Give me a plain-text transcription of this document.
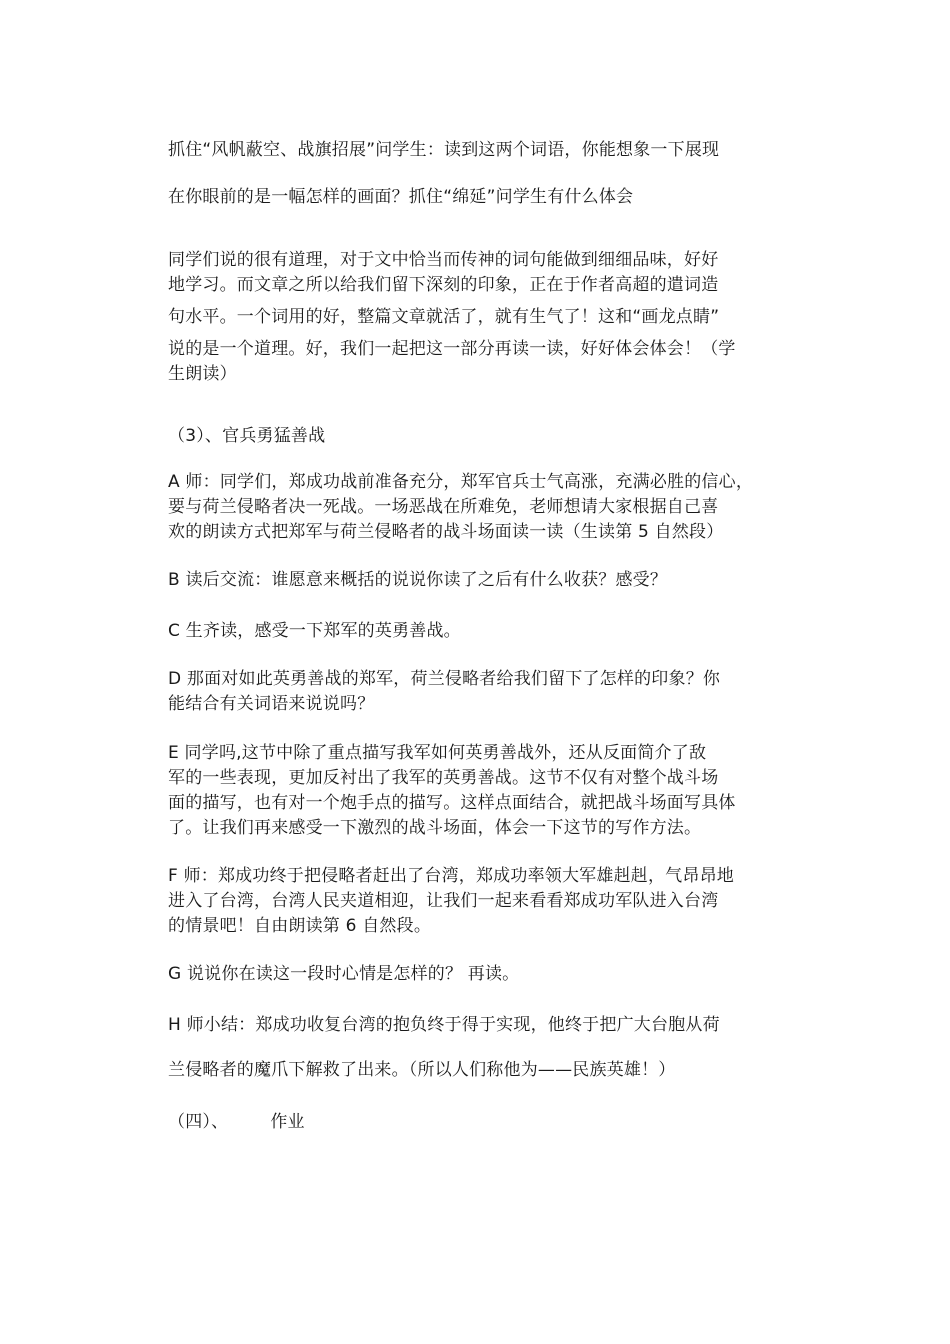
抓住“风帆蔽空、战旗招展”问学生：读到这两个词语，你能想象一下展现
在你眼前的是一幅怎样的画面？抓住“绵延”问学生有什么体会

同学们说的很有道理，对于文中恰当而传神的词句能做到细细品味，好好
地学习。而文章之所以给我们留下深刻的印象，正在于作者高超的遣词造
句水平。一个词用的好，整篇文章就活了，就有生气了！这和“画龙点睛”
说的是一个道理。好，我们一起把这一部分再读一读，好好体会体会！（学
生朗读）

（3）、官兵勇猛善战

A 师：同学们，郑成功战前准备充分，郑军官兵士气高涨，充满必胜的信心，
要与荷兰侵略者决一死战。一场恶战在所难免，老师想请大家根据自己喜
欢的朗读方式把郑军与荷兰侵略者的战斗场面读一读（生读第 5 自然段）

B 读后交流：谁愿意来概括的说说你读了之后有什么收获？感受？

C 生齐读，感受一下郑军的英勇善战。

D 那面对如此英勇善战的郑军，荷兰侵略者给我们留下了怎样的印象？你
能结合有关词语来说说吗？

E 同学吗,这节中除了重点描写我军如何英勇善战外，还从反面简介了敌
军的一些表现，更加反衬出了我军的英勇善战。这节不仅有对整个战斗场
面的描写，也有对一个炮手点的描写。这样点面结合，就把战斗场面写具体
了。让我们再来感受一下激烈的战斗场面，体会一下这节的写作方法。

F 师：郑成功终于把侵略者赶出了台湾，郑成功率领大军雄赳赳，气昂昂地
进入了台湾，台湾人民夹道相迎，让我们一起来看看郑成功军队进入台湾
的情景吧！自由朗读第 6 自然段。

G 说说你在读这一段时心情是怎样的？ 再读。

H 师小结：郑成功收复台湾的抱负终于得于实现，他终于把广大台胞从荷
兰侵略者的魔爪下解救了出来。（所以人们称他为——民族英雄！）

（四）、 作业
